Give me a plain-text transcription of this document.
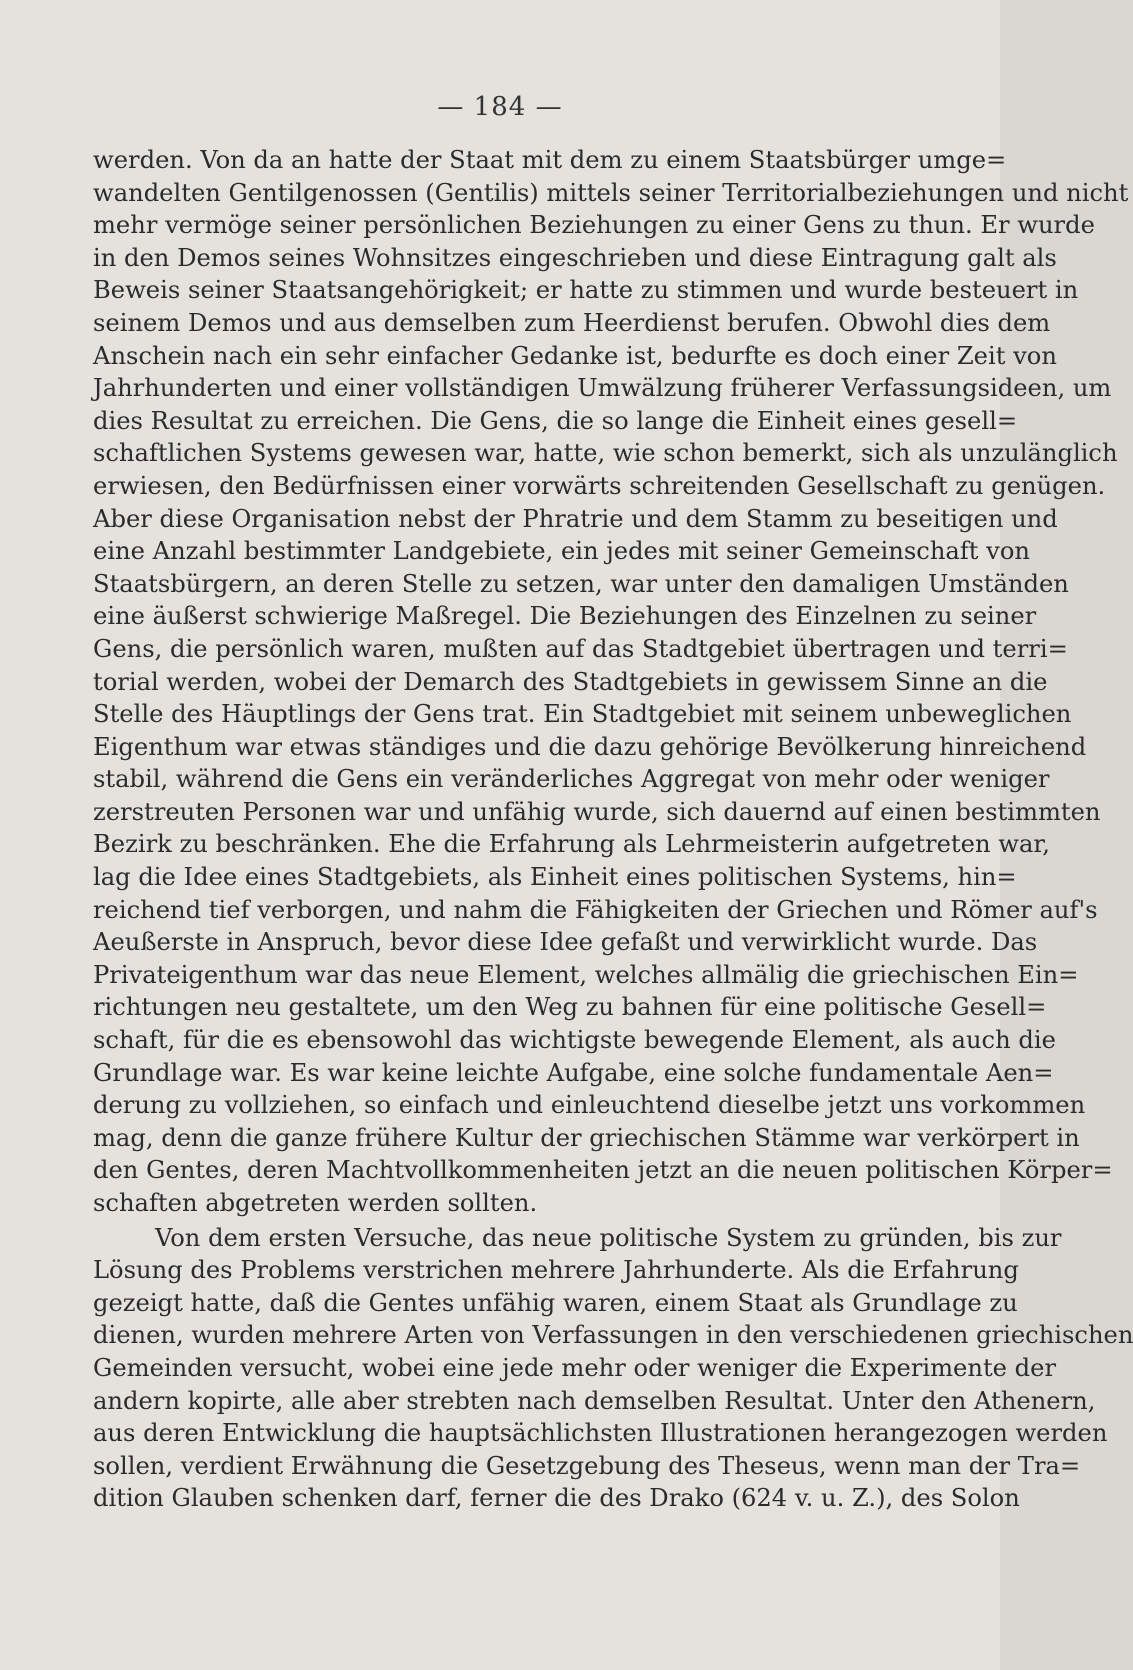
— 184 —

werden. Von da an hatte der Staat mit dem zu einem Staatsbürger umge=
wandelten Gentilgenossen (Gentilis) mittels seiner Territorialbeziehungen und nicht
mehr vermöge seiner persönlichen Beziehungen zu einer Gens zu thun. Er wurde
in den Demos seines Wohnsitzes eingeschrieben und diese Eintragung galt als
Beweis seiner Staatsangehörigkeit; er hatte zu stimmen und wurde besteuert in
seinem Demos und aus demselben zum Heerdienst berufen. Obwohl dies dem
Anschein nach ein sehr einfacher Gedanke ist, bedurfte es doch einer Zeit von
Jahrhunderten und einer vollständigen Umwälzung früherer Verfassungsideen, um
dies Resultat zu erreichen. Die Gens, die so lange die Einheit eines gesell=
schaftlichen Systems gewesen war, hatte, wie schon bemerkt, sich als unzulänglich
erwiesen, den Bedürfnissen einer vorwärts schreitenden Gesellschaft zu genügen.
Aber diese Organisation nebst der Phratrie und dem Stamm zu beseitigen und
eine Anzahl bestimmter Landgebiete, ein jedes mit seiner Gemeinschaft von
Staatsbürgern, an deren Stelle zu setzen, war unter den damaligen Umständen
eine äußerst schwierige Maßregel. Die Beziehungen des Einzelnen zu seiner
Gens, die persönlich waren, mußten auf das Stadtgebiet übertragen und terri=
torial werden, wobei der Demarch des Stadtgebiets in gewissem Sinne an die
Stelle des Häuptlings der Gens trat. Ein Stadtgebiet mit seinem unbeweglichen
Eigenthum war etwas ständiges und die dazu gehörige Bevölkerung hinreichend
stabil, während die Gens ein veränderliches Aggregat von mehr oder weniger
zerstreuten Personen war und unfähig wurde, sich dauernd auf einen bestimmten
Bezirk zu beschränken. Ehe die Erfahrung als Lehrmeisterin aufgetreten war,
lag die Idee eines Stadtgebiets, als Einheit eines politischen Systems, hin=
reichend tief verborgen, und nahm die Fähigkeiten der Griechen und Römer auf's
Aeußerste in Anspruch, bevor diese Idee gefaßt und verwirklicht wurde. Das
Privateigenthum war das neue Element, welches allmälig die griechischen Ein=
richtungen neu gestaltete, um den Weg zu bahnen für eine politische Gesell=
schaft, für die es ebensowohl das wichtigste bewegende Element, als auch die
Grundlage war. Es war keine leichte Aufgabe, eine solche fundamentale Aen=
derung zu vollziehen, so einfach und einleuchtend dieselbe jetzt uns vorkommen
mag, denn die ganze frühere Kultur der griechischen Stämme war verkörpert in
den Gentes, deren Machtvollkommenheiten jetzt an die neuen politischen Körper=
schaften abgetreten werden sollten.

Von dem ersten Versuche, das neue politische System zu gründen, bis zur
Lösung des Problems verstrichen mehrere Jahrhunderte. Als die Erfahrung
gezeigt hatte, daß die Gentes unfähig waren, einem Staat als Grundlage zu
dienen, wurden mehrere Arten von Verfassungen in den verschiedenen griechischen
Gemeinden versucht, wobei eine jede mehr oder weniger die Experimente der
andern kopirte, alle aber strebten nach demselben Resultat. Unter den Athenern,
aus deren Entwicklung die hauptsächlichsten Illustrationen herangezogen werden
sollen, verdient Erwähnung die Gesetzgebung des Theseus, wenn man der Tra=
dition Glauben schenken darf, ferner die des Drako (624 v. u. Z.), des Solon
